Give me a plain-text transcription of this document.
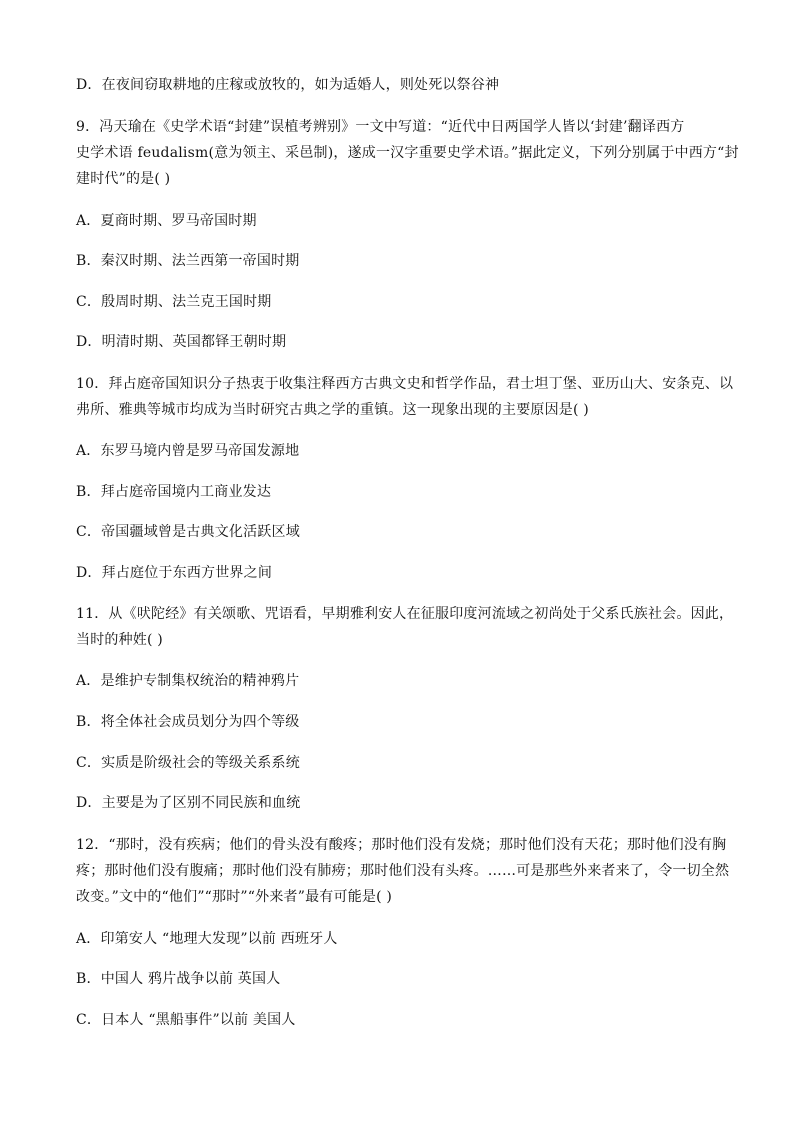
D．在夜间窃取耕地的庄稼或放牧的，如为适婚人，则处死以祭谷神
9．冯天瑜在《史学术语“封建”误植考辨别》一文中写道：“近代中日两国学人皆以‘封建’翻译西方
史学术语 feudalism(意为领主、采邑制)，遂成一汉字重要史学术语。”据此定义，下列分别属于中西方“封
建时代”的是( )
A．夏商时期、罗马帝国时期
B．秦汉时期、法兰西第一帝国时期
C．殷周时期、法兰克王国时期
D．明清时期、英国都铎王朝时期
10．拜占庭帝国知识分子热衷于收集注释西方古典文史和哲学作品，君士坦丁堡、亚历山大、安条克、以
弗所、雅典等城市均成为当时研究古典之学的重镇。这一现象出现的主要原因是( )
A．东罗马境内曾是罗马帝国发源地
B．拜占庭帝国境内工商业发达
C．帝国疆域曾是古典文化活跃区域
D．拜占庭位于东西方世界之间
11．从《吠陀经》有关颂歌、咒语看，早期雅利安人在征服印度河流域之初尚处于父系氏族社会。因此，
当时的种姓( )
A．是维护专制集权统治的精神鸦片
B．将全体社会成员划分为四个等级
C．实质是阶级社会的等级关系系统
D．主要是为了区别不同民族和血统
12．“那时，没有疾病；他们的骨头没有酸疼；那时他们没有发烧；那时他们没有天花；那时他们没有胸
疼；那时他们没有腹痛；那时他们没有肺痨；那时他们没有头疼。……可是那些外来者来了，令一切全然
改变。”文中的“他们”“那时”“外来者”最有可能是( )
A．印第安人 “地理大发现”以前 西班牙人
B．中国人 鸦片战争以前 英国人
C．日本人 “黑船事件”以前 美国人
